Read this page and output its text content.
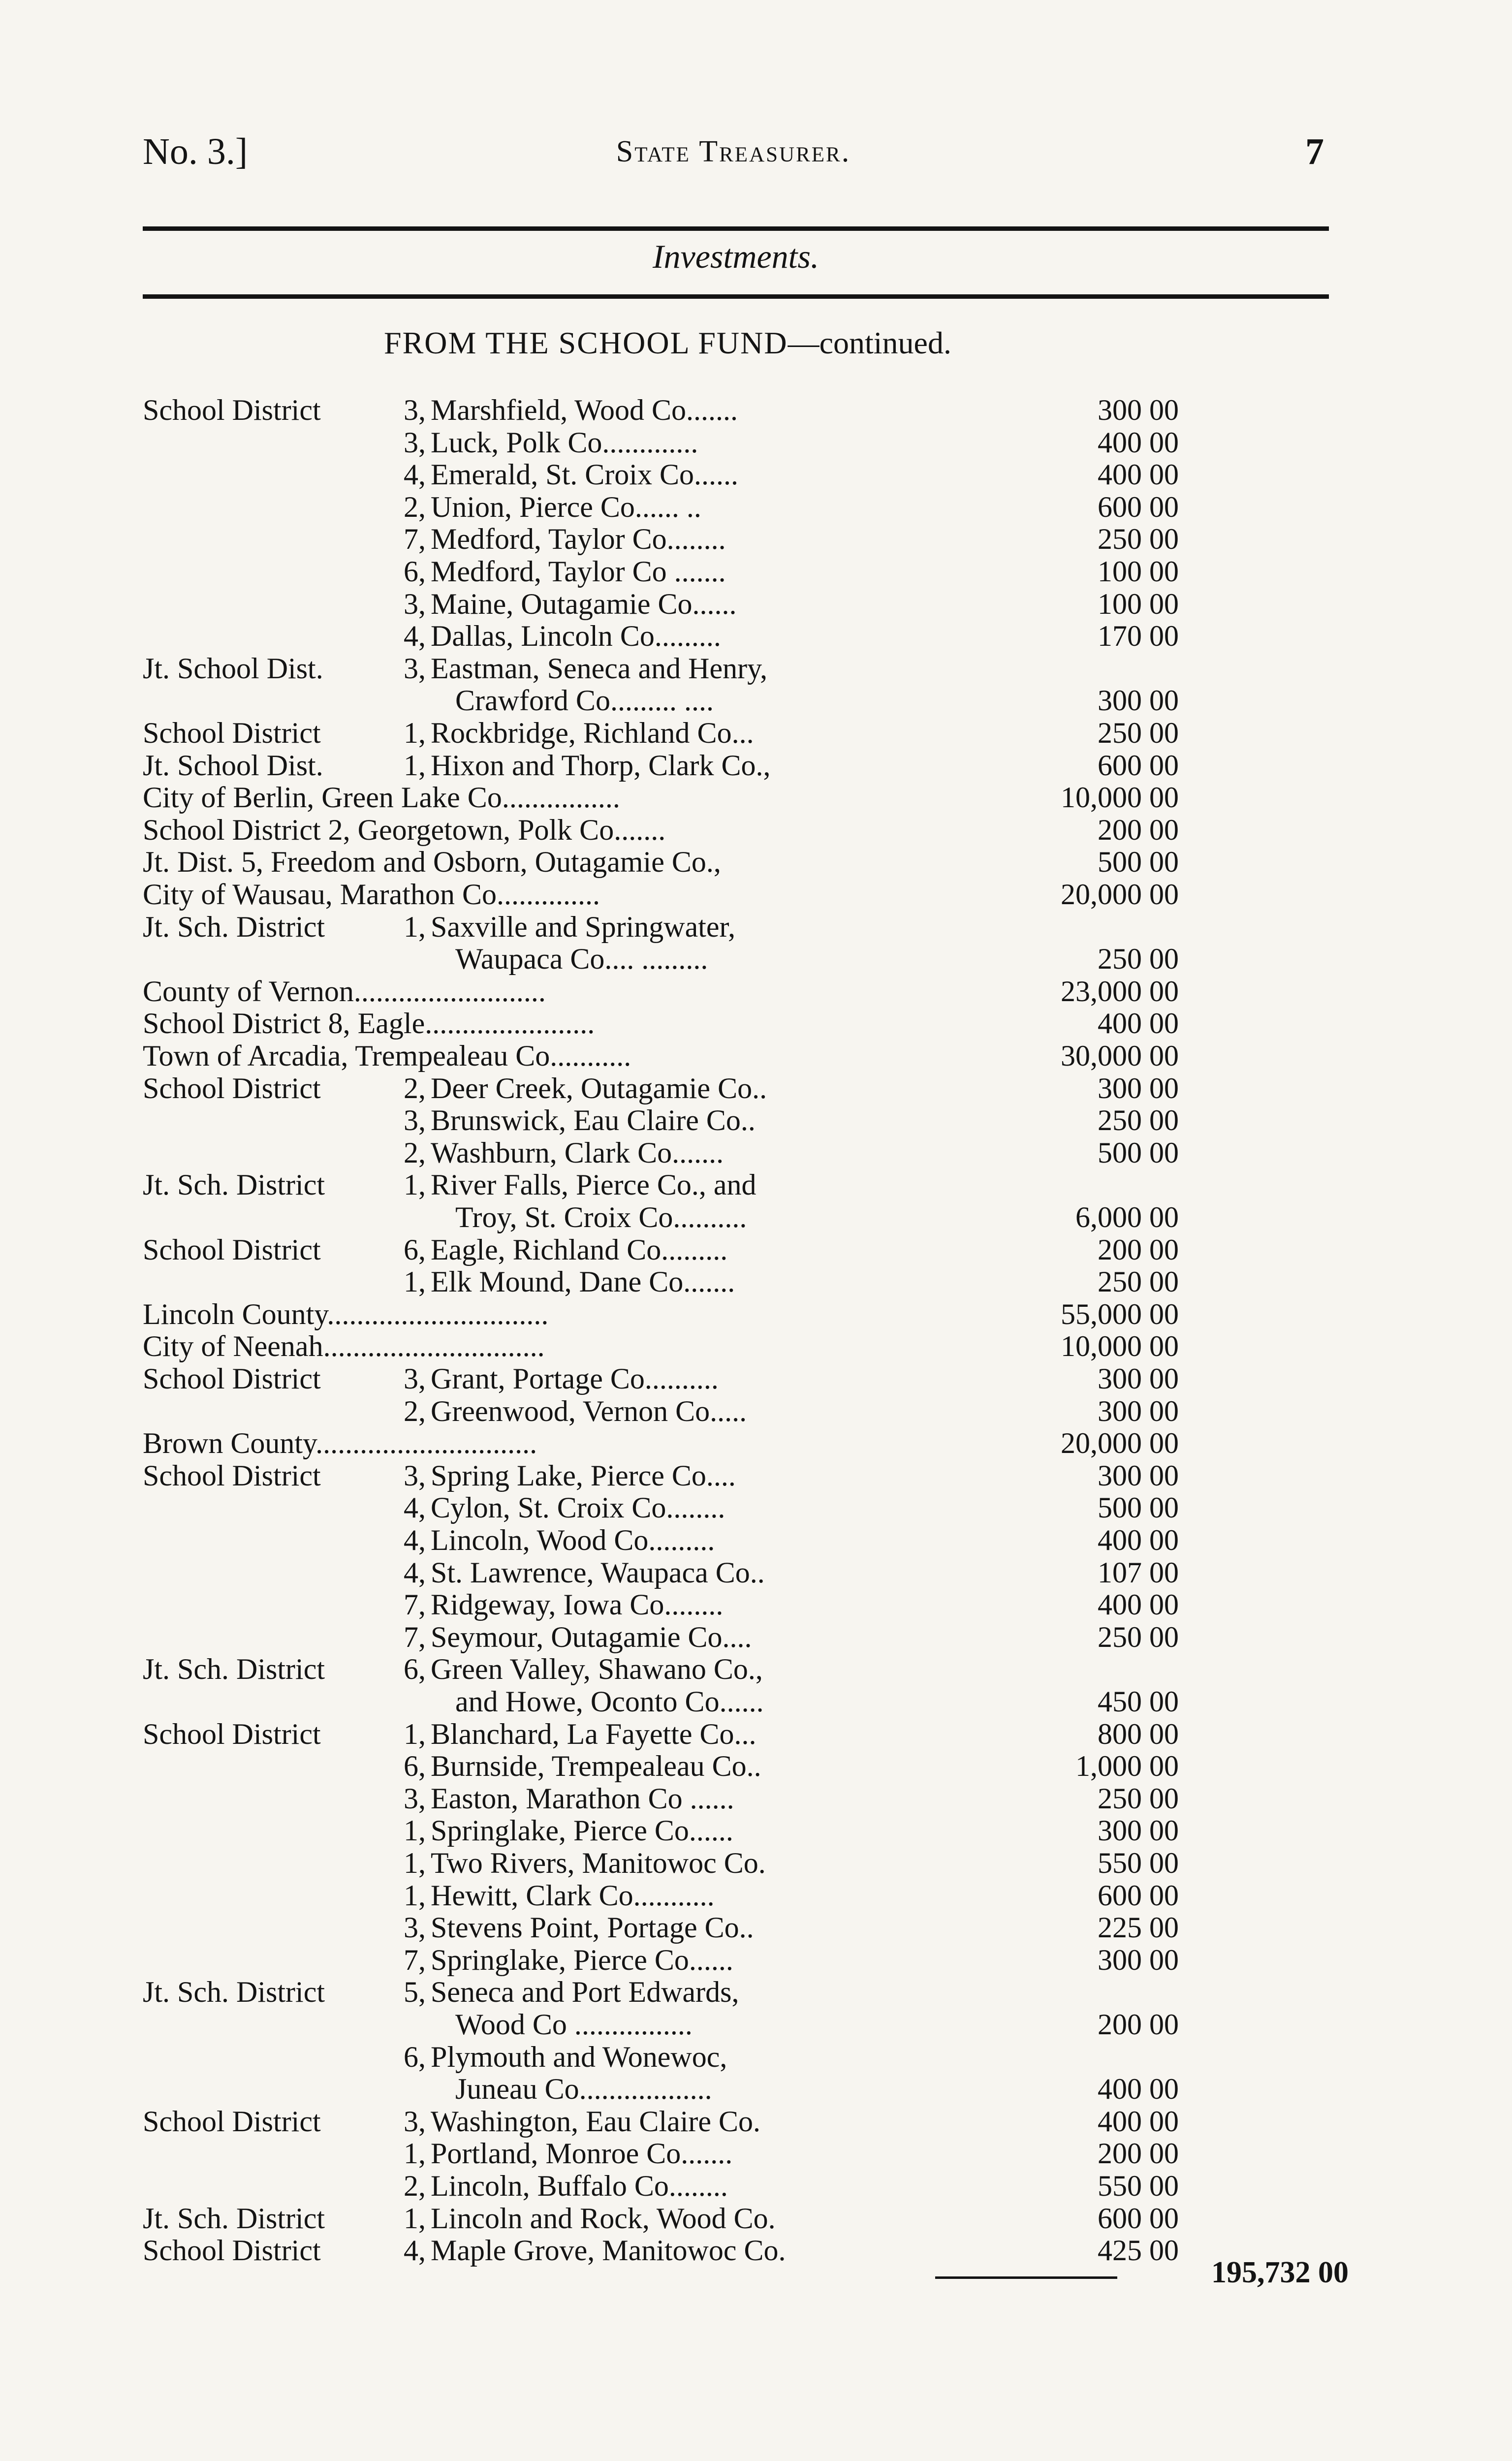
No. 3.]	State Treasurer.	7
Investments.
FROM THE SCHOOL FUND—continued.
School District	3, Marshfield, Wood Co.......	300 00
3, Luck, Polk Co.............	400 00
4, Emerald, St. Croix Co......	400 00
2, Union, Pierce Co...... ..	600 00
7, Medford, Taylor Co........	250 00
6, Medford, Taylor Co .......	100 00
3, Maine, Outagamie Co......	100 00
4, Dallas, Lincoln Co.........	170 00
Jt. School Dist.	3, Eastman, Seneca and Henry,
Crawford Co......... ....	300 00
School District	1, Rockbridge, Richland Co...	250 00
Jt. School Dist.	1, Hixon and Thorp, Clark Co.,	600 00
City of Berlin, Green Lake Co................	10,000 00
School District 2, Georgetown, Polk Co.......	200 00
Jt. Dist. 5, Freedom and Osborn, Outagamie Co.,	500 00
City of Wausau, Marathon Co..............	20,000 00
Jt. Sch. District	1, Saxville and Springwater,
Waupaca Co.... .........	250 00
County of Vernon..........................	23,000 00
School District 8, Eagle.......................	400 00
Town of Arcadia, Trempealeau Co...........	30,000 00
School District	2, Deer Creek, Outagamie Co..	300 00
3, Brunswick, Eau Claire Co..	250 00
2, Washburn, Clark Co.......	500 00
Jt. Sch. District	1, River Falls, Pierce Co., and
Troy, St. Croix Co..........	6,000 00
School District	6, Eagle, Richland Co.........	200 00
1, Elk Mound, Dane Co.......	250 00
Lincoln County..............................	55,000 00
City of Neenah..............................	10,000 00
School District	3, Grant, Portage Co..........	300 00
2, Greenwood, Vernon Co.....	300 00
Brown County..............................	20,000 00
School District	3, Spring Lake, Pierce Co....	300 00
4, Cylon, St. Croix Co........	500 00
4, Lincoln, Wood Co.........	400 00
4, St. Lawrence, Waupaca Co..	107 00
7, Ridgeway, Iowa Co........	400 00
7, Seymour, Outagamie Co....	250 00
Jt. Sch. District	6, Green Valley, Shawano Co.,
and Howe, Oconto Co......	450 00
School District	1, Blanchard, La Fayette Co...	800 00
6, Burnside, Trempealeau Co..	1,000 00
3, Easton, Marathon Co ......	250 00
1, Springlake, Pierce Co......	300 00
1, Two Rivers, Manitowoc Co.	550 00
1, Hewitt, Clark Co...........	600 00
3, Stevens Point, Portage Co..	225 00
7, Springlake, Pierce Co......	300 00
Jt. Sch. District	5, Seneca and Port Edwards,
Wood Co ................	200 00
6, Plymouth and Wonewoc,
Juneau Co..................	400 00
School District	3, Washington, Eau Claire Co.	400 00
1, Portland, Monroe Co.......	200 00
2, Lincoln, Buffalo Co........	550 00
Jt. Sch. District	1, Lincoln and Rock, Wood Co.	600 00
School District	4, Maple Grove, Manitowoc Co.	425 00
195,732 00
